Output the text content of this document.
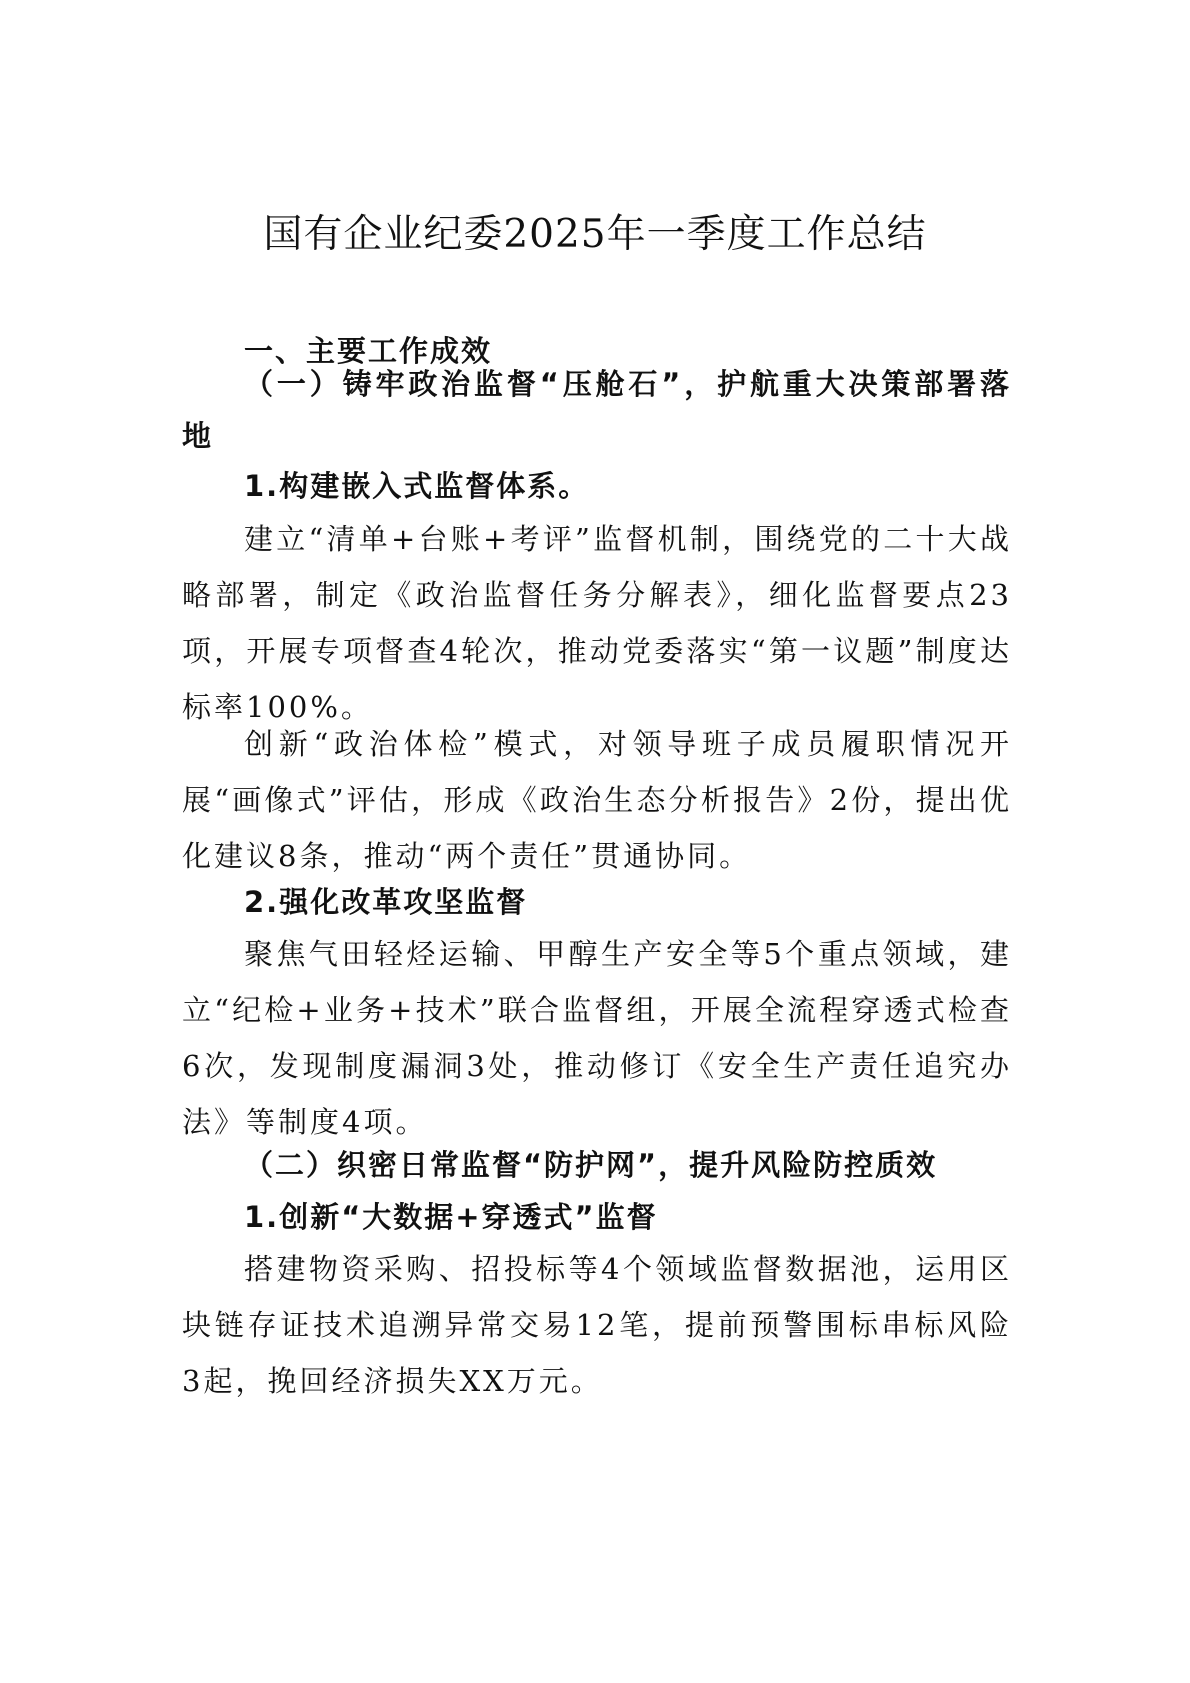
国有企业纪委2025年一季度工作总结
一、主要工作成效
（一）铸牢政治监督“压舱石”，护航重大决策部署落地
1.构建嵌入式监督体系。

建立“清单+台账+考评”监督机制，围绕党的二十大战略部署，制定《政治监督任务分解表》，细化监督要点23项，开展专项督查4轮次，推动党委落实“第一议题”制度达标率100%。

创新“政治体检”模式，对领导班子成员履职情况开展“画像式”评估，形成《政治生态分析报告》2份，提出优化建议8条，推动“两个责任”贯通协同。

2.强化改革攻坚监督

聚焦气田轻烃运输、甲醇生产安全等5个重点领域，建立“纪检+业务+技术”联合监督组，开展全流程穿透式检查6次，发现制度漏洞3处，推动修订《安全生产责任追究办法》等制度4项。

（二）织密日常监督“防护网”，提升风险防控质效
1.创新“大数据+穿透式”监督

搭建物资采购、招投标等4个领域监督数据池，运用区块链存证技术追溯异常交易12笔，提前预警围标串标风险3起，挽回经济损失XX万元。
